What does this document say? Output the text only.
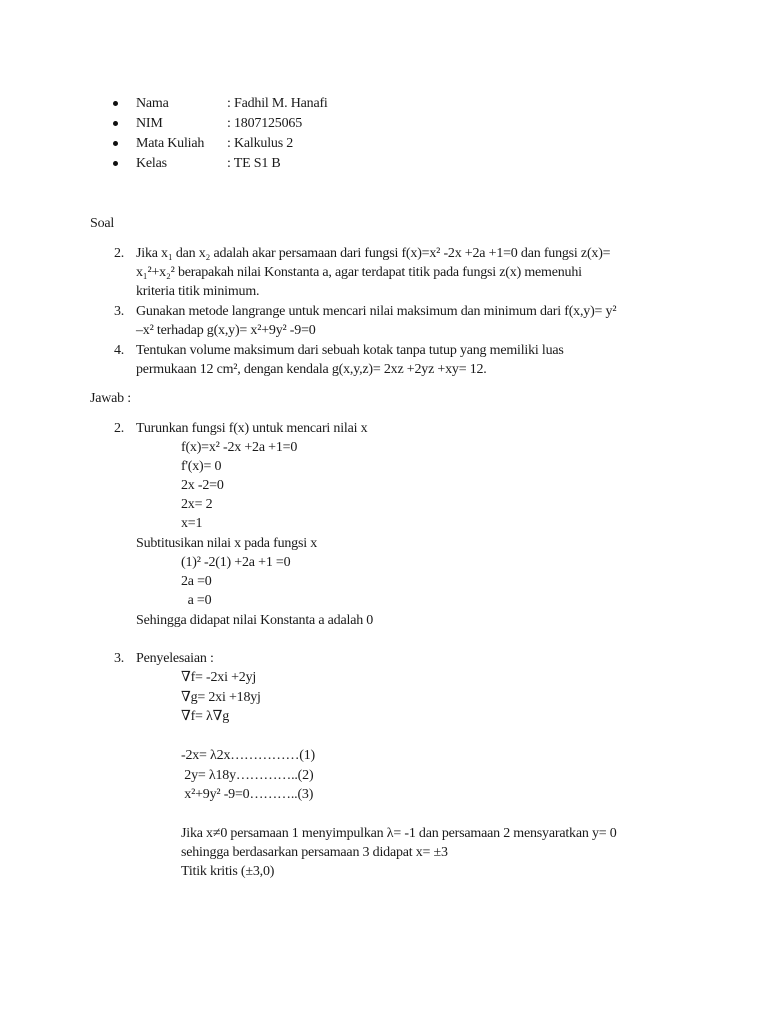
Nama	: Fadhil M. Hanafi
NIM	: 1807125065
Mata Kuliah : Kalkulus 2
Kelas	: TE S1 B
Soal
2. Jika x₁ dan x₂ adalah akar persamaan dari fungsi f(x)=x² -2x +2a +1=0 dan fungsi z(x)=
x₁²+x₂² berapakah nilai Konstanta a, agar terdapat titik pada fungsi z(x) memenuhi
kriteria titik minimum.
3. Gunakan metode langrange untuk mencari nilai maksimum dan minimum dari f(x,y)= y²
–x² terhadap g(x,y)= x²+9y² -9=0
4. Tentukan volume maksimum dari sebuah kotak tanpa tutup yang memiliki luas
permukaan 12 cm², dengan kendala g(x,y,z)= 2xz +2yz +xy= 12.
Jawab :
2. Turunkan fungsi f(x) untuk mencari nilai x
f(x)=x² -2x +2a +1=0
f'(x)= 0
2x -2=0
2x= 2
x=1
Subtitusikan nilai x pada fungsi x
(1)² -2(1) +2a +1 =0
2a =0
a =0
Sehingga didapat nilai Konstanta a adalah 0
3. Penyelesaian :
∇f= -2xi +2yj
∇g= 2xi +18yj
∇f= λ∇g
-2x= λ2x……………(1)
2y= λ18y…………..(2)
x²+9y² -9=0………..(3)
Jika x≠0 persamaan 1 menyimpulkan λ= -1 dan persamaan 2 mensyaratkan y= 0
sehingga berdasarkan persamaan 3 didapat x= ±3
Titik kritis (±3,0)
